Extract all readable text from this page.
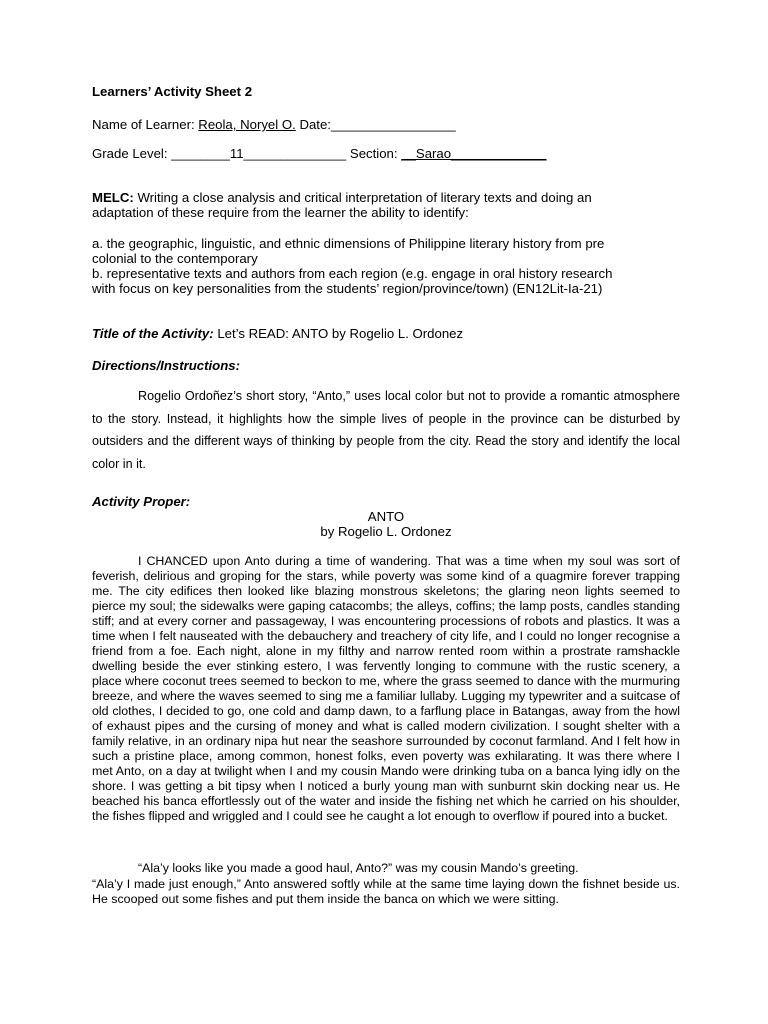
Learners’ Activity Sheet 2
Name of Learner: Reola, Noryel O. Date:_________________
Grade Level: ________11______________ Section: __Sarao_____________
MELC: Writing a close analysis and critical interpretation of literary texts and doing an
adaptation of these require from the learner the ability to identify:
a. the geographic, linguistic, and ethnic dimensions of Philippine literary history from pre
colonial to the contemporary
b. representative texts and authors from each region (e.g. engage in oral history research
with focus on key personalities from the students’ region/province/town) (EN12Lit-Ia-21)
Title of the Activity: Let’s READ: ANTO by Rogelio L. Ordonez
Directions/Instructions:
Rogelio Ordoñez’s short story, “Anto,” uses local color but not to provide a romantic atmosphere to the story. Instead, it highlights how the simple lives of people in the province can be disturbed by outsiders and the different ways of thinking by people from the city. Read the story and identify the local color in it.
Activity Proper:
ANTO
by Rogelio L. Ordonez
I CHANCED upon Anto during a time of wandering. That was a time when my soul was sort of feverish, delirious and groping for the stars, while poverty was some kind of a quagmire forever trapping me. The city edifices then looked like blazing monstrous skeletons; the glaring neon lights seemed to pierce my soul; the sidewalks were gaping catacombs; the alleys, coffins; the lamp posts, candles standing stiff; and at every corner and passageway, I was encountering processions of robots and plastics. It was a time when I felt nauseated with the debauchery and treachery of city life, and I could no longer recognise a friend from a foe. Each night, alone in my filthy and narrow rented room within a prostrate ramshackle dwelling beside the ever stinking estero, I was fervently longing to commune with the rustic scenery, a place where coconut trees seemed to beckon to me, where the grass seemed to dance with the murmuring breeze, and where the waves seemed to sing me a familiar lullaby. Lugging my typewriter and a suitcase of old clothes, I decided to go, one cold and damp dawn, to a farflung place in Batangas, away from the howl of exhaust pipes and the cursing of money and what is called modern civilization. I sought shelter with a family relative, in an ordinary nipa hut near the seashore surrounded by coconut farmland. And I felt how in such a pristine place, among common, honest folks, even poverty was exhilarating. It was there where I met Anto, on a day at twilight when I and my cousin Mando were drinking tuba on a banca lying idly on the shore. I was getting a bit tipsy when I noticed a burly young man with sunburnt skin docking near us. He beached his banca effortlessly out of the water and inside the fishing net which he carried on his shoulder, the fishes flipped and wriggled and I could see he caught a lot enough to overflow if poured into a bucket.
“Ala’y looks like you made a good haul, Anto?” was my cousin Mando’s greeting.
“Ala’y I made just enough,” Anto answered softly while at the same time laying down the fishnet beside us. He scooped out some fishes and put them inside the banca on which we were sitting.
